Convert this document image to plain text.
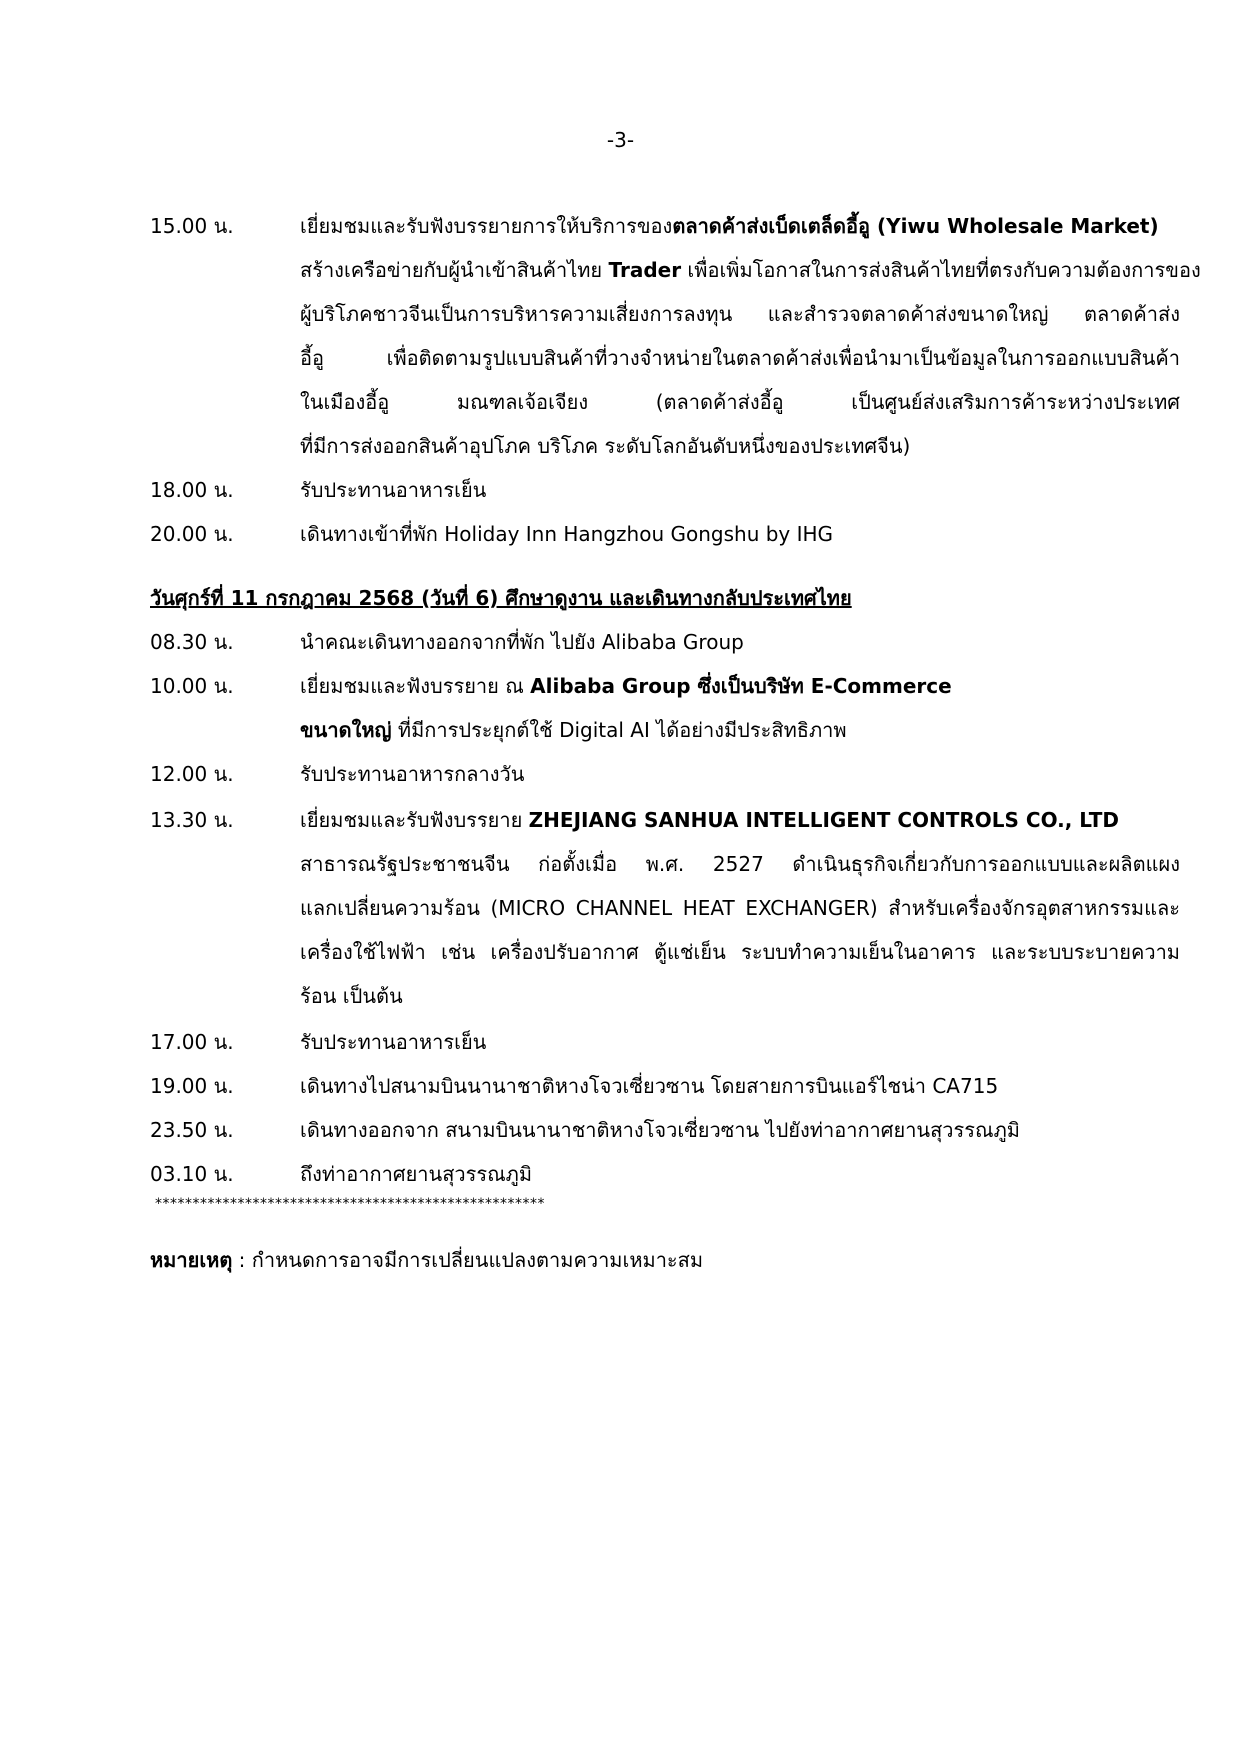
-3-
15.00 น.	เยี่ยมชมและรับฟังบรรยายการให้บริการของตลาดค้าส่งเบ็ดเตล็ดอี้อู (Yiwu Wholesale Market)
สร้างเครือข่ายกับผู้นำเข้าสินค้าไทย Trader เพื่อเพิ่มโอกาสในการส่งสินค้าไทยที่ตรงกับความต้องการของ
ผู้บริโภคชาวจีนเป็นการบริหารความเสี่ยงการลงทุน และสำรวจตลาดค้าส่งขนาดใหญ่ ตลาดค้าส่ง
อี้อู เพื่อติดตามรูปแบบสินค้าที่วางจำหน่ายในตลาดค้าส่งเพื่อนำมาเป็นข้อมูลในการออกแบบสินค้า
ในเมืองอี้อู มณฑลเจ้อเจียง (ตลาดค้าส่งอี้อู เป็นศูนย์ส่งเสริมการค้าระหว่างประเทศ
ที่มีการส่งออกสินค้าอุปโภค บริโภค ระดับโลกอันดับหนึ่งของประเทศจีน)
18.00 น.	รับประทานอาหารเย็น
20.00 น.	เดินทางเข้าที่พัก Holiday Inn Hangzhou Gongshu by IHG
วันศุกร์ที่ 11 กรกฎาคม 2568 (วันที่ 6) ศึกษาดูงาน และเดินทางกลับประเทศไทย
08.30 น.	นำคณะเดินทางออกจากที่พัก ไปยัง Alibaba Group
10.00 น.	เยี่ยมชมและฟังบรรยาย ณ Alibaba Group ซึ่งเป็นบริษัท E-Commerce
ขนาดใหญ่ ที่มีการประยุกต์ใช้ Digital AI ได้อย่างมีประสิทธิภาพ
12.00 น.	รับประทานอาหารกลางวัน
13.30 น.	เยี่ยมชมและรับฟังบรรยาย ZHEJIANG SANHUA INTELLIGENT CONTROLS CO., LTD
สาธารณรัฐประชาชนจีน ก่อตั้งเมื่อ พ.ศ. 2527 ดำเนินธุรกิจเกี่ยวกับการออกแบบและผลิตแผง
แลกเปลี่ยนความร้อน (MICRO CHANNEL HEAT EXCHANGER) สำหรับเครื่องจักรอุตสาหกรรมและ
เครื่องใช้ไฟฟ้า เช่น เครื่องปรับอากาศ ตู้แช่เย็น ระบบทำความเย็นในอาคาร และระบบระบายความ
ร้อน เป็นต้น
17.00 น.	รับประทานอาหารเย็น
19.00 น.	เดินทางไปสนามบินนานาชาติหางโจวเซี่ยวซาน โดยสายการบินแอร์ไชน่า CA715
23.50 น.	เดินทางออกจาก สนามบินนานาชาติหางโจวเซี่ยวซาน ไปยังท่าอากาศยานสุวรรณภูมิ
03.10 น.	ถึงท่าอากาศยานสุวรรณภูมิ
****************************************************
หมายเหตุ : กำหนดการอาจมีการเปลี่ยนแปลงตามความเหมาะสม
